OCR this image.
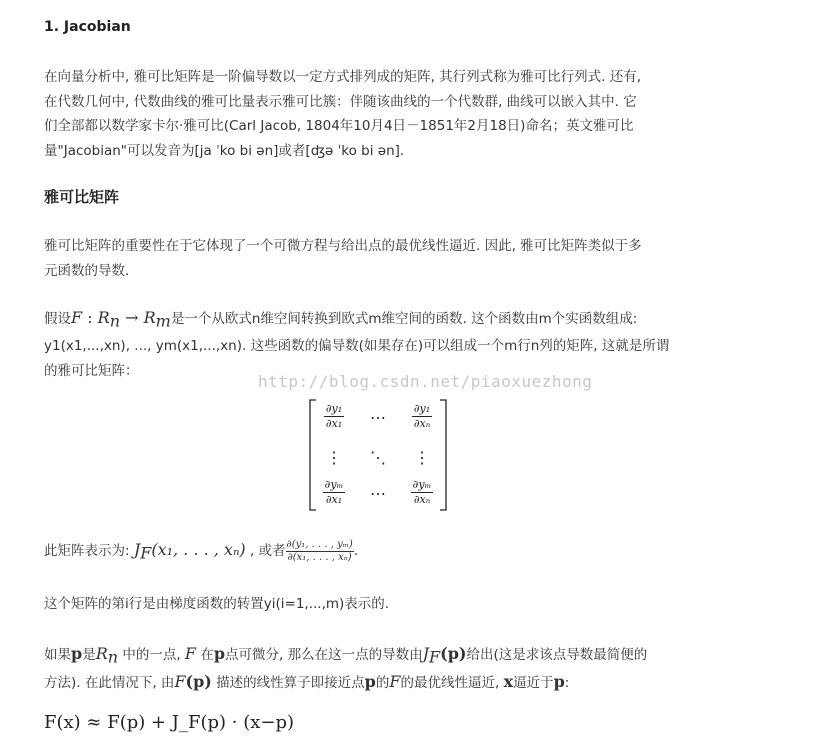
1. Jacobian

在向量分析中, 雅可比矩阵是一阶偏导数以一定方式排列成的矩阵, 其行列式称为雅可比行列式. 还有,
在代数几何中, 代数曲线的雅可比量表示雅可比簇：伴随该曲线的一个代数群, 曲线可以嵌入其中. 它
们全部都以数学家卡尔·雅可比(Carl Jacob, 1804年10月4日－1851年2月18日)命名；英文雅可比
量"Jacobian"可以发音为[ja ˈko bi ən]或者[ʤə ˈko bi ən].

雅可比矩阵

雅可比矩阵的重要性在于它体现了一个可微方程与给出点的最优线性逼近. 因此, 雅可比矩阵类似于多
元函数的导数.

假设F : $R_n \to R_m$是一个从欧式n维空间转换到欧式m维空间的函数. 这个函数由m个实函数组成:
y1(x1,...,xn), ..., ym(x1,...,xn). 这些函数的偏导数(如果存在)可以组成一个m行n列的矩阵, 这就是所谓
的雅可比矩阵：

http://blog.csdn.net/piaoxuezhong
$\frac{\text{∂y₁}}{\text{∂x₁}}$	⋯	$\frac{\text{∂y₁}}{\text{∂xₙ}}$
⋮	⋱	⋮
$\frac{\text{∂yₘ}}{\text{∂x₁}}$	⋯	$\frac{\text{∂yₘ}}{\text{∂xₙ}}$

此矩阵表示为: $J_F(x_1$, . . . , xₙ) , 或者 $\frac{\text{∂(y₁, . . . , yₘ)}}{\text{∂(x₁, . . . , xₙ)}}$ .

这个矩阵的第i行是由梯度函数的转置yi(i=1,...,m)表示的.

如果p是$R_n$ 中的一点, F 在p点可微分, 那么在这一点的导数由$J_F(p)$给出(这是求该点导数最简便的
方法). 在此情况下, 由F(p) 描述的线性算子即接近点p的F的最优线性逼近, x逼近于p:

F(x) ≈ F(p) + J_F(p) · (x−p)
